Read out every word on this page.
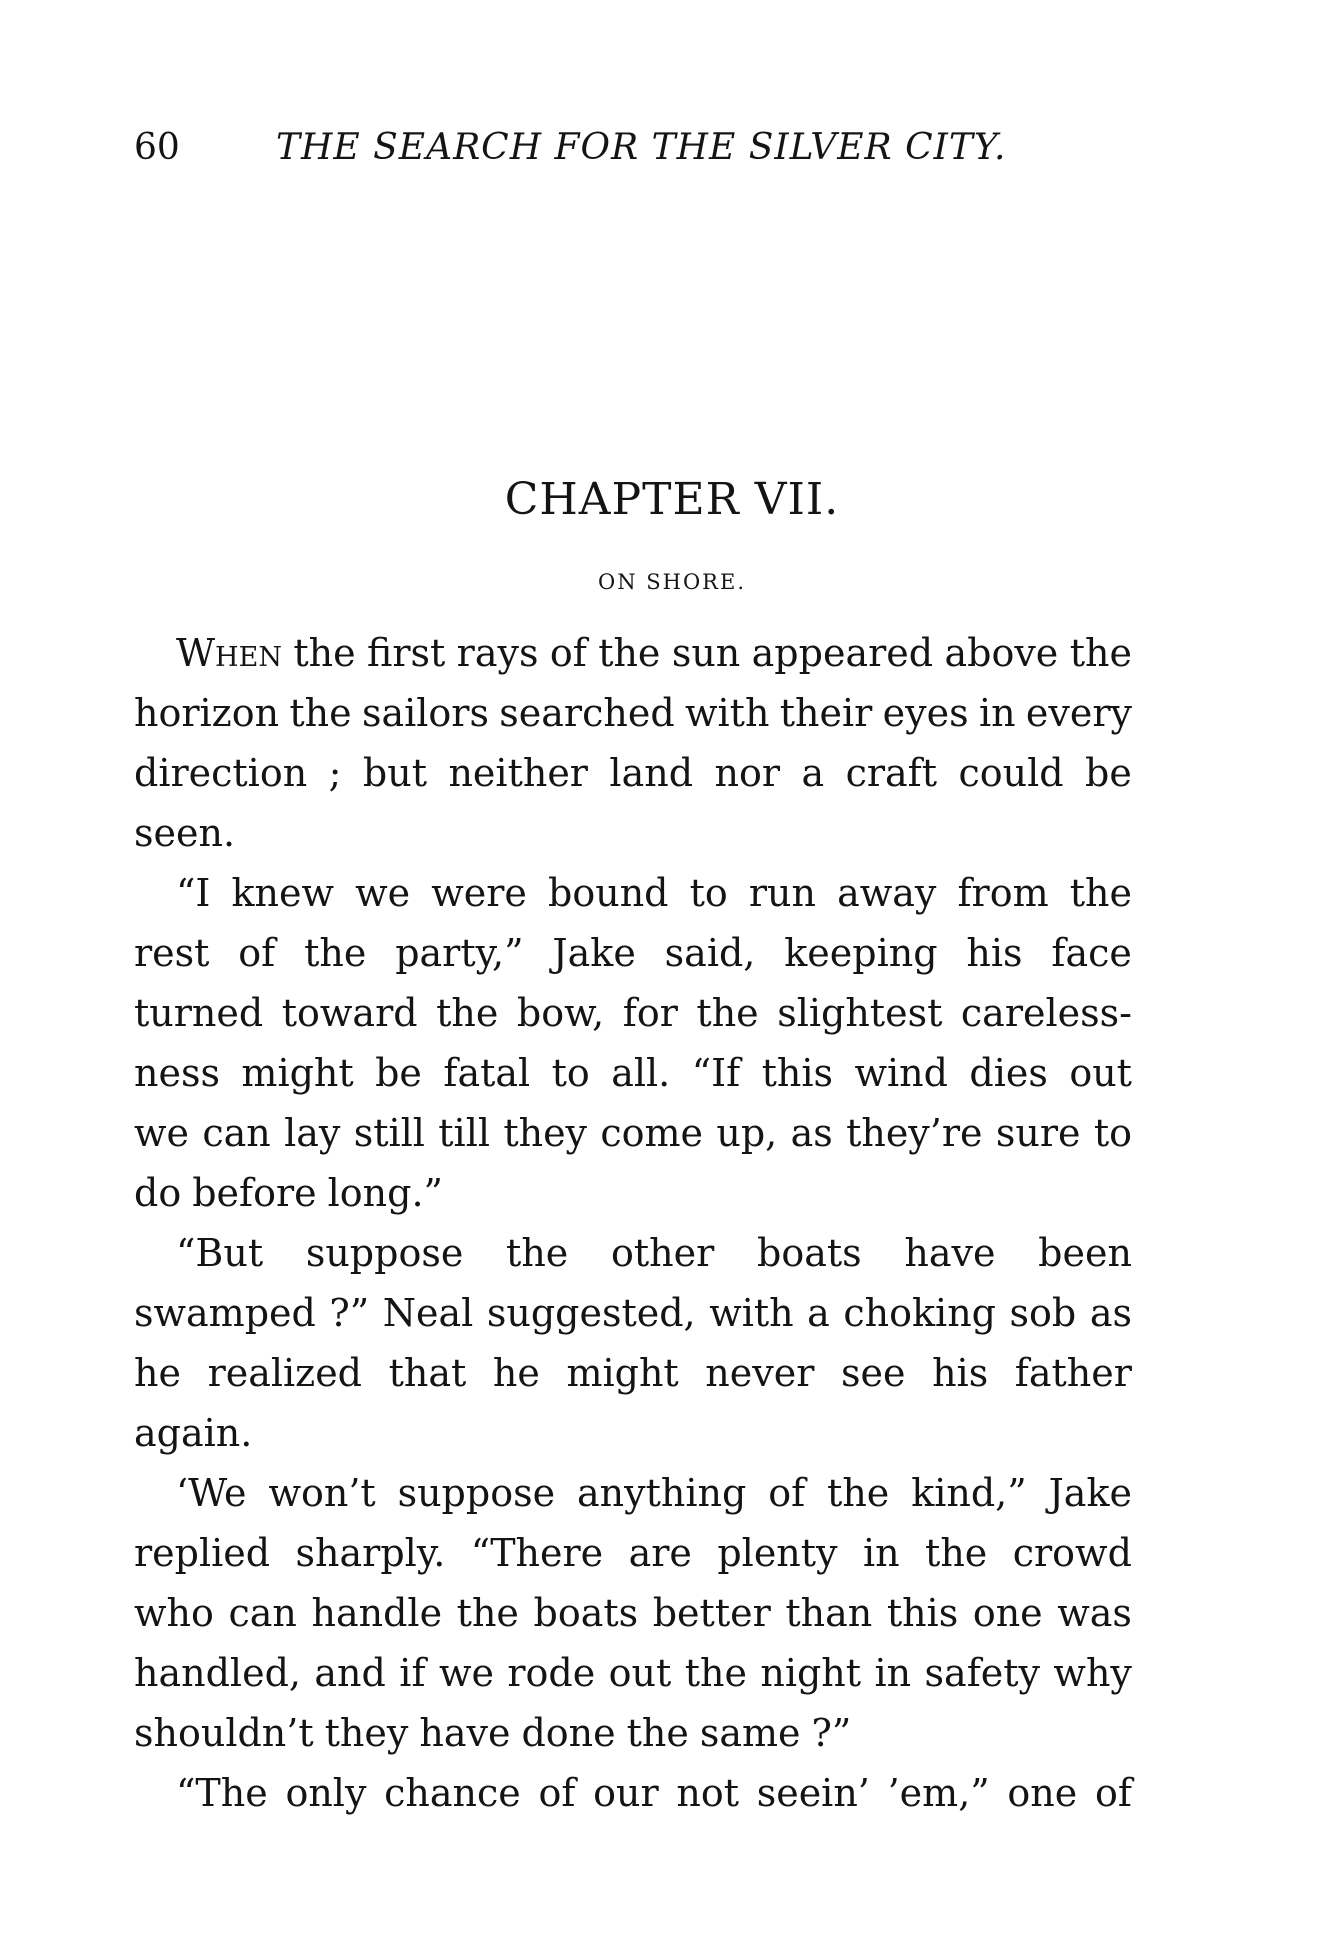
60	THE SEARCH FOR THE SILVER CITY.
CHAPTER VII.
ON SHORE.
When the first rays of the sun appeared above the
horizon the sailors searched with their eyes in every
direction ; but neither land nor a craft could be
seen.
“I knew we were bound to run away from the
rest of the party,” Jake said, keeping his face
turned toward the bow, for the slightest careless-
ness might be fatal to all. “If this wind dies out
we can lay still till they come up, as they’re sure to
do before long.”
“But suppose the other boats have been
swamped ?” Neal suggested, with a choking sob as
he realized that he might never see his father
again.
‘We won’t suppose anything of the kind,” Jake
replied sharply. “There are plenty in the crowd
who can handle the boats better than this one was
handled, and if we rode out the night in safety why
shouldn’t they have done the same ?”
“The only chance of our not seein’ ’em,” one of
